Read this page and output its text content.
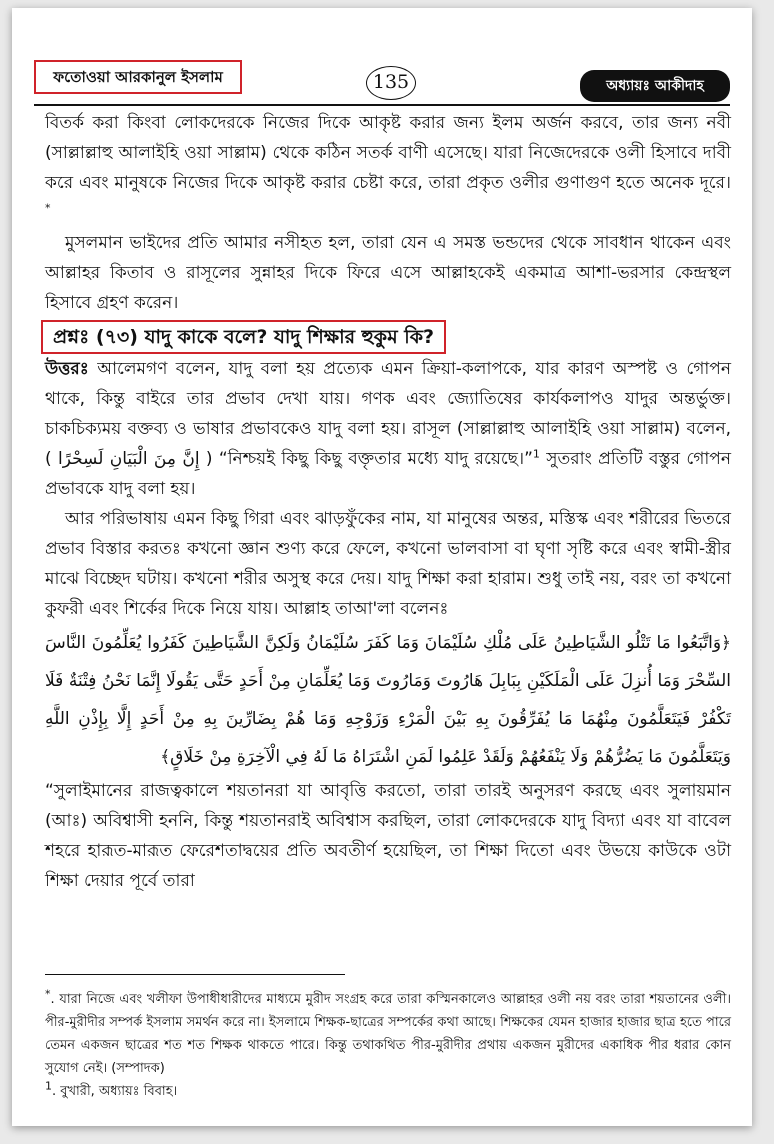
ফতোওয়া আরকানুল ইসলাম	135	অধ্যায়ঃ আকীদাহ

বিতর্ক করা কিংবা লোকদেরকে নিজের দিকে আকৃষ্ট করার জন্য ইলম অর্জন করবে, তার জন্য নবী (সাল্লাল্লাহু আলাইহি ওয়া সাল্লাম) থেকে কঠিন সতর্ক বাণী এসেছে। যারা নিজেদেরকে ওলী হিসাবে দাবী করে এবং মানুষকে নিজের দিকে আকৃষ্ট করার চেষ্টা করে, তারা প্রকৃত ওলীর গুণাগুণ হতে অনেক দূরে। *

মুসলমান ভাইদের প্রতি আমার নসীহত হল, তারা যেন এ সমস্ত ভন্ডদের থেকে সাবধান থাকেন এবং আল্লাহর কিতাব ও রাসূলের সুন্নাহর দিকে ফিরে এসে আল্লাহকেই একমাত্র আশা-ভরসার কেন্দ্রস্থল হিসাবে গ্রহণ করেন।

প্রশ্নঃ (৭৩) যাদু কাকে বলে? যাদু শিক্ষার হুকুম কি?

উত্তরঃ আলেমগণ বলেন, যাদু বলা হয় প্রত্যেক এমন ক্রিয়া-কলাপকে, যার কারণ অস্পষ্ট ও গোপন থাকে, কিন্তু বাইরে তার প্রভাব দেখা যায়। গণক এবং জ্যোতিষের কার্যকলাপও যাদুর অন্তর্ভুক্ত। চাকচিক্যময় বক্তব্য ও ভাষার প্রভাবকেও যাদু বলা হয়। রাসূল (সাল্লাল্লাহু আলাইহি ওয়া সাল্লাম) বলেন, ( إِنَّ مِنَ الْبَيَانِ لَسِحْرًا ) “নিশ্চয়ই কিছু কিছু বক্তৃতার মধ্যে যাদু রয়েছে।”$^1$ সুতরাং প্রতিটি বস্তুর গোপন প্রভাবকে যাদু বলা হয়।

আর পরিভাষায় এমন কিছু গিরা এবং ঝাড়ফুঁকের নাম, যা মানুষের অন্তর, মস্তিস্ক এবং শরীরের ভিতরে প্রভাব বিস্তার করতঃ কখনো জ্ঞান শুণ্য করে ফেলে, কখনো ভালবাসা বা ঘৃণা সৃষ্টি করে এবং স্বামী-স্ত্রীর মাঝে বিচ্ছেদ ঘটায়। কখনো শরীর অসুস্থ করে দেয়। যাদু শিক্ষা করা হারাম। শুধু তাই নয়, বরং তা কখনো কুফরী এবং শির্কের দিকে নিয়ে যায়। আল্লাহ তাআ'লা বলেনঃ

﴿وَاتَّبَعُوا مَا تَتْلُو الشَّيَاطِينُ عَلَى مُلْكِ سُلَيْمَانَ وَمَا كَفَرَ سُلَيْمَانُ وَلَكِنَّ الشَّيَاطِينَ كَفَرُوا يُعَلِّمُونَ النَّاسَ السِّحْرَ وَمَا أُنزِلَ عَلَى الْمَلَكَيْنِ بِبَابِلَ هَارُوتَ وَمَارُوتَ وَمَا يُعَلِّمَانِ مِنْ أَحَدٍ حَتَّى يَقُولَا إِنَّمَا نَحْنُ فِتْنَةٌ فَلَا تَكْفُرْ فَيَتَعَلَّمُونَ مِنْهُمَا مَا يُفَرِّقُونَ بِهِ بَيْنَ الْمَرْءِ وَزَوْجِهِ وَمَا هُمْ بِضَارِّينَ بِهِ مِنْ أَحَدٍ إِلَّا بِإِذْنِ اللَّهِ وَيَتَعَلَّمُونَ مَا يَضُرُّهُمْ وَلَا يَنْفَعُهُمْ وَلَقَدْ عَلِمُوا لَمَنِ اشْتَرَاهُ مَا لَهُ فِي الْآخِرَةِ مِنْ خَلَاقٍ﴾

“সুলাইমানের রাজত্বকালে শয়তানরা যা আবৃত্তি করতো, তারা তারই অনুসরণ করছে এবং সুলায়মান (আঃ) অবিশ্বাসী হননি, কিন্তু শয়তানরাই অবিশ্বাস করছিল, তারা লোকদেরকে যাদু বিদ্যা এবং যা বাবেল শহরে হারূত-মারূত ফেরেশতাদ্বয়ের প্রতি অবতীর্ণ হয়েছিল, তা শিক্ষা দিতো এবং উভয়ে কাউকে ওটা শিক্ষা দেয়ার পূর্বে তারা

*. যারা নিজে এবং খলীফা উপাধীধারীদের মাধ্যমে মুরীদ সংগ্রহ করে তারা কস্মিনকালেও আল্লাহর ওলী নয় বরং তারা শয়তানের ওলী। পীর-মুরীদীর সম্পর্ক ইসলাম সমর্থন করে না। ইসলামে শিক্ষক-ছাত্রের সম্পর্কের কথা আছে। শিক্ষকের যেমন হাজার হাজার ছাত্র হতে পারে তেমন একজন ছাত্রের শত শত শিক্ষক থাকতে পারে। কিন্তু তথাকথিত পীর-মুরীদীর প্রথায় একজন মুরীদের একাধিক পীর ধরার কোন সুযোগ নেই। (সম্পাদক)

$^1$. বুখারী, অধ্যায়ঃ বিবাহ।
